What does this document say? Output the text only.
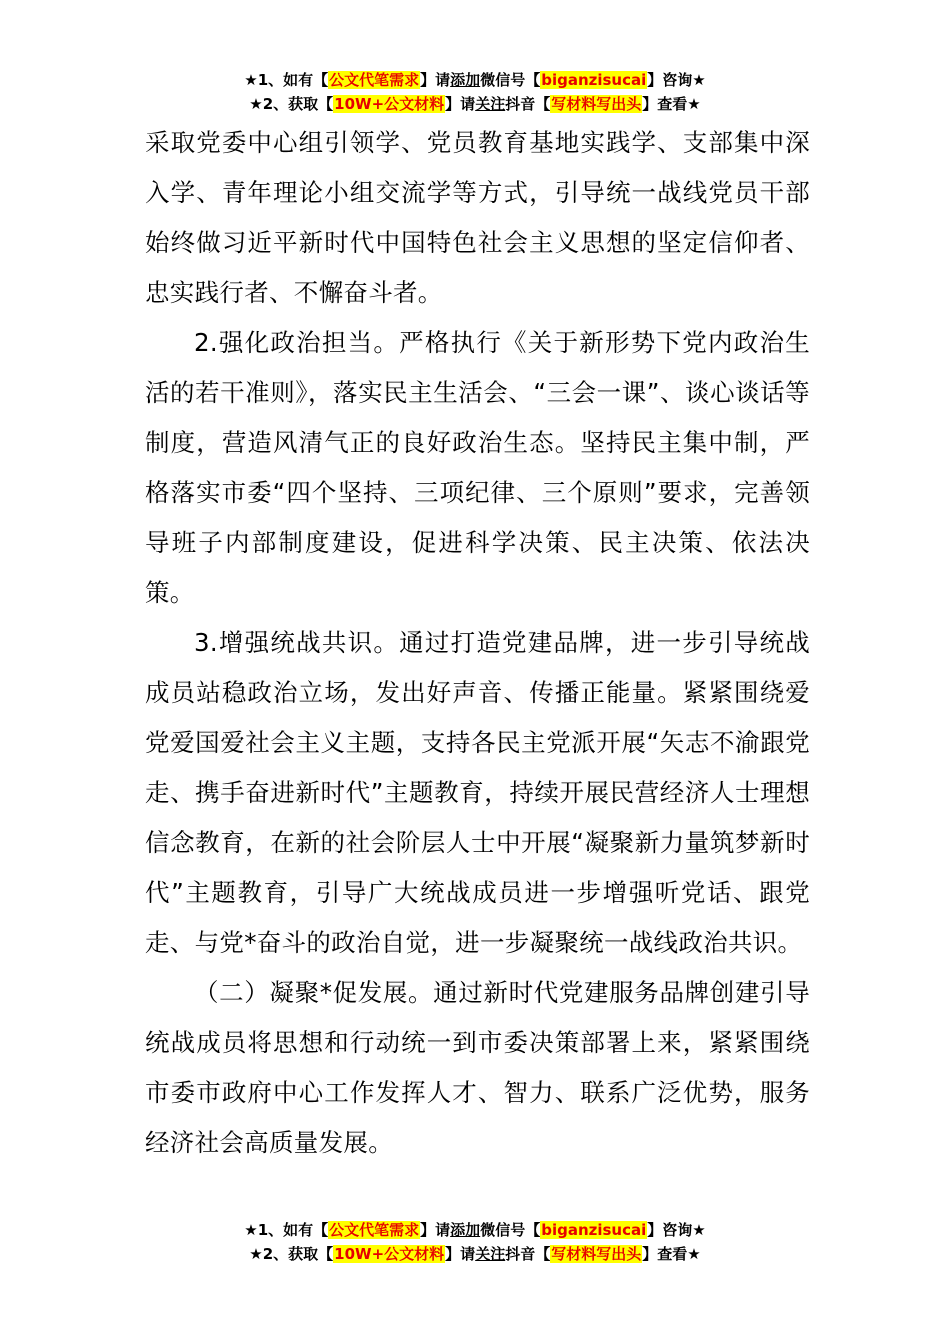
★1、如有【公文代笔需求】请添加微信号【biganzisucai】咨询★
★2、获取【10W+公文材料】请关注抖音【写材料写出头】查看★

采取党委中心组引领学、党员教育基地实践学、支部集中深入学、青年理论小组交流学等方式，引导统一战线党员干部始终做习近平新时代中国特色社会主义思想的坚定信仰者、忠实践行者、不懈奋斗者。

2.强化政治担当。严格执行《关于新形势下党内政治生活的若干准则》，落实民主生活会、“三会一课”、谈心谈话等制度，营造风清气正的良好政治生态。坚持民主集中制，严格落实市委“四个坚持、三项纪律、三个原则”要求，完善领导班子内部制度建设，促进科学决策、民主决策、依法决策。

3.增强统战共识。通过打造党建品牌，进一步引导统战成员站稳政治立场，发出好声音、传播正能量。紧紧围绕爱党爱国爱社会主义主题，支持各民主党派开展“矢志不渝跟党走、携手奋进新时代”主题教育，持续开展民营经济人士理想信念教育，在新的社会阶层人士中开展“凝聚新力量筑梦新时代”主题教育，引导广大统战成员进一步增强听党话、跟党走、与党*奋斗的政治自觉，进一步凝聚统一战线政治共识。

（二）凝聚*促发展。通过新时代党建服务品牌创建引导统战成员将思想和行动统一到市委决策部署上来，紧紧围绕市委市政府中心工作发挥人才、智力、联系广泛优势，服务经济社会高质量发展。

★1、如有【公文代笔需求】请添加微信号【biganzisucai】咨询★
★2、获取【10W+公文材料】请关注抖音【写材料写出头】查看★
